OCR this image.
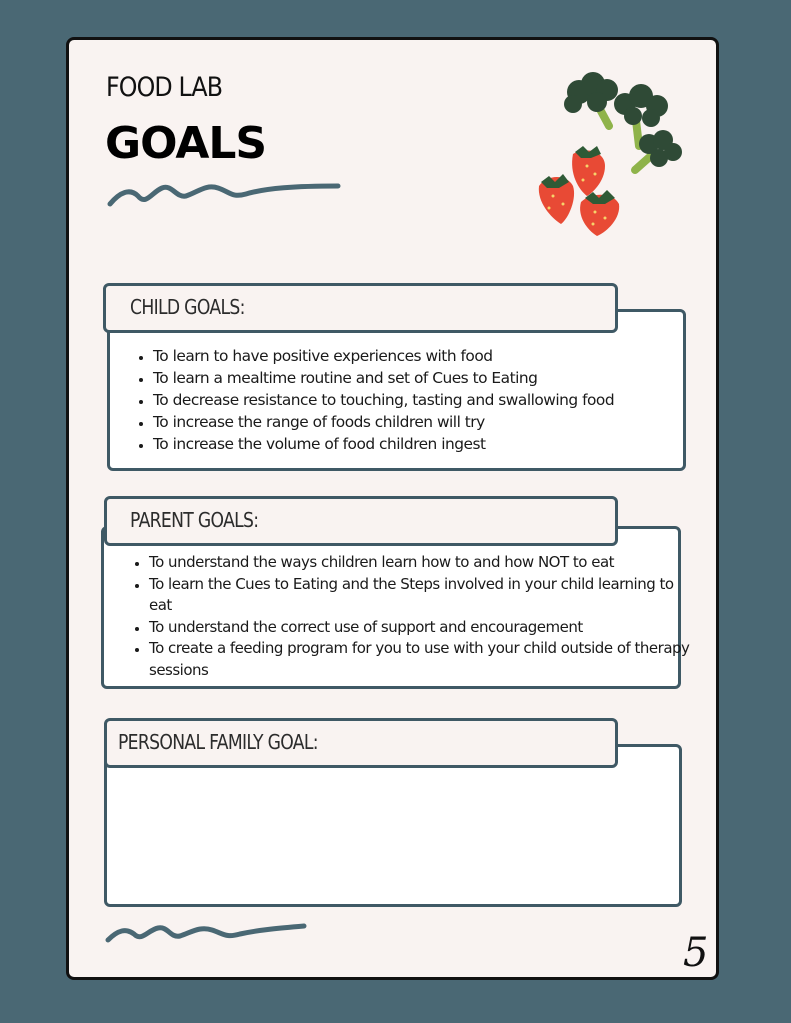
FOOD LAB
GOALS
CHILD GOALS:
• To learn to have positive experiences with food
• To learn a mealtime routine and set of Cues to Eating
• To decrease resistance to touching, tasting and swallowing food
• To increase the range of foods children will try
• To increase the volume of food children ingest
PARENT GOALS:
• To understand the ways children learn how to and how NOT to eat
• To learn the Cues to Eating and the Steps involved in your child learning to eat
• To understand the correct use of support and encouragement
• To create a feeding program for you to use with your child outside of therapy sessions
PERSONAL FAMILY GOAL:
5
